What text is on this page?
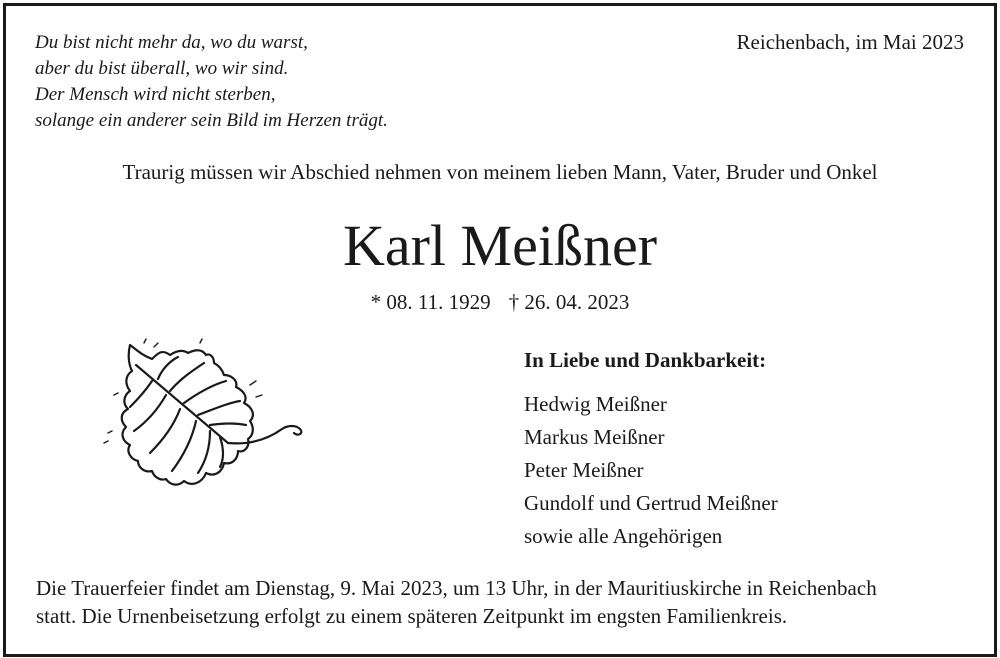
Du bist nicht mehr da, wo du warst,
aber du bist überall, wo wir sind.
Der Mensch wird nicht sterben,
solange ein anderer sein Bild im Herzen trägt.
Reichenbach, im Mai 2023
Traurig müssen wir Abschied nehmen von meinem lieben Mann, Vater, Bruder und Onkel
Karl Meißner
* 08. 11. 1929 † 26. 04. 2023
In Liebe und Dankbarkeit:
Hedwig Meißner
Markus Meißner
Peter Meißner
Gundolf und Gertrud Meißner
sowie alle Angehörigen
Die Trauerfeier findet am Dienstag, 9. Mai 2023, um 13 Uhr, in der Mauritiuskirche in Reichenbach
statt. Die Urnenbeisetzung erfolgt zu einem späteren Zeitpunkt im engsten Familienkreis.
